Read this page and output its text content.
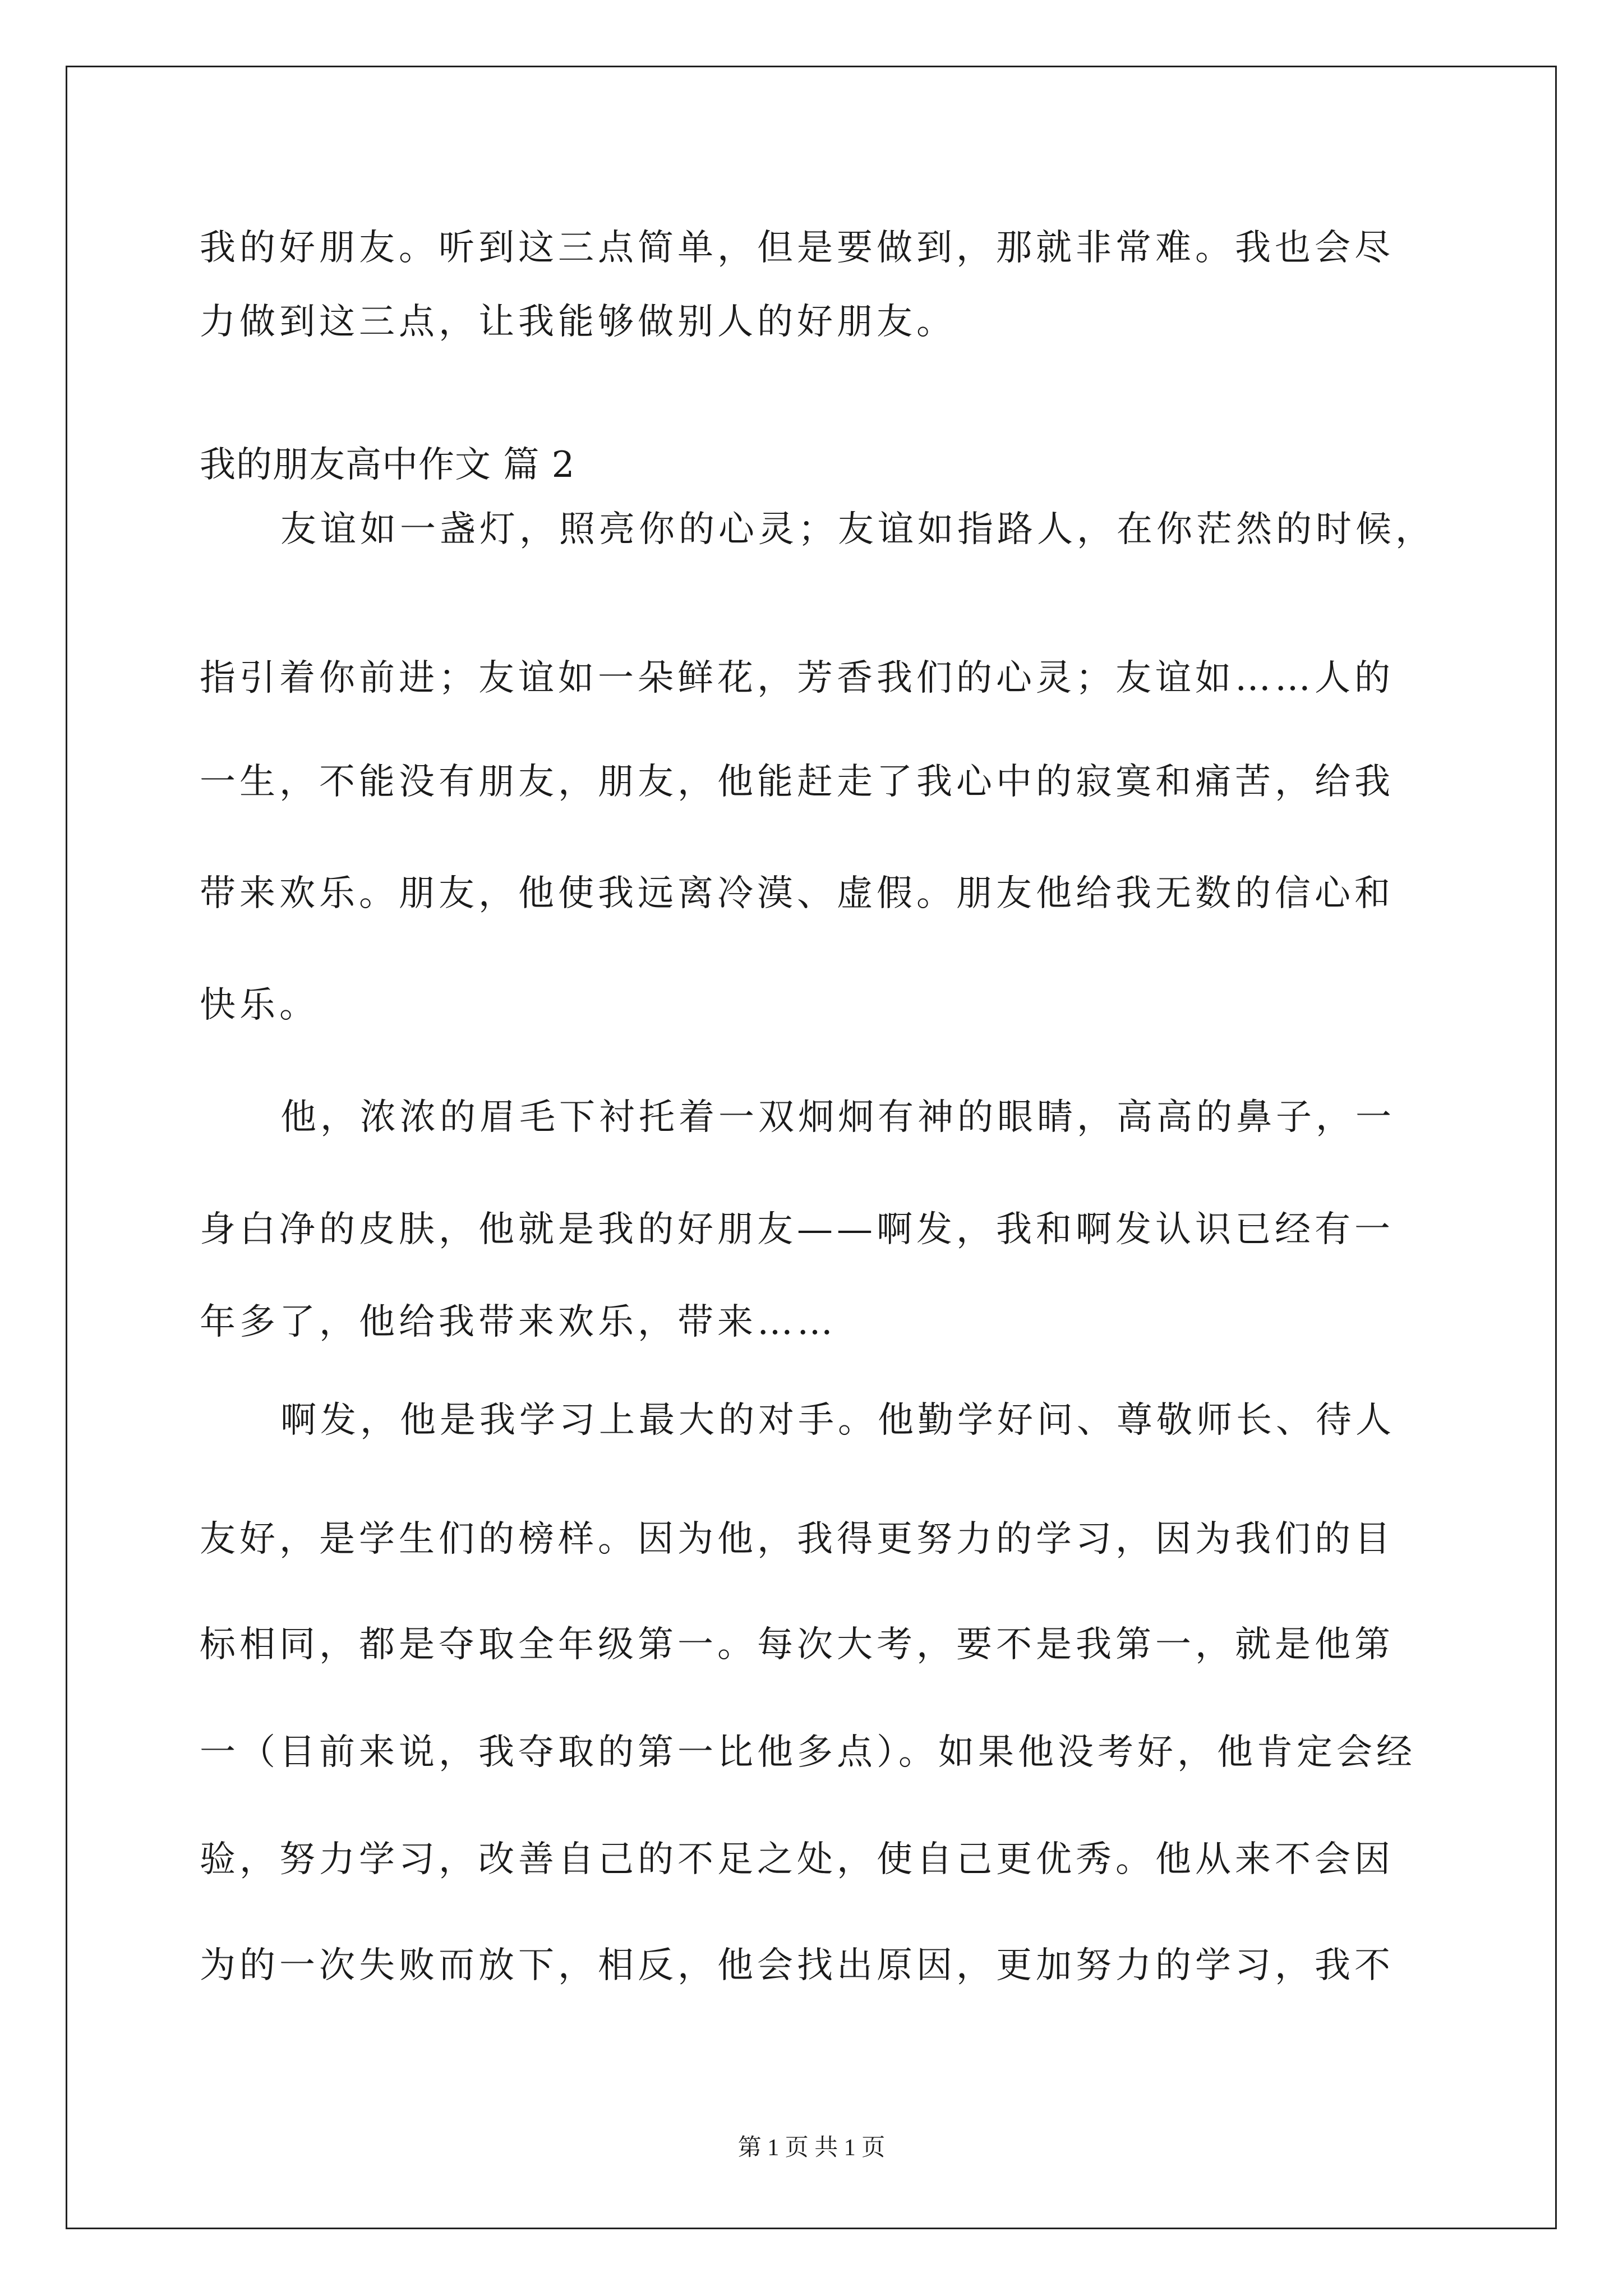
我的好朋友。听到这三点简单，但是要做到，那就非常难。我也会尽

力做到这三点，让我能够做别人的好朋友。

我的朋友高中作文 篇 2

友谊如一盏灯，照亮你的心灵；友谊如指路人，在你茫然的时候，

指引着你前进；友谊如一朵鲜花，芳香我们的心灵；友谊如……人的

一生，不能没有朋友，朋友，他能赶走了我心中的寂寞和痛苦，给我

带来欢乐。朋友，他使我远离冷漠、虚假。朋友他给我无数的信心和

快乐。

他，浓浓的眉毛下衬托着一双炯炯有神的眼睛，高高的鼻子，一

身白净的皮肤，他就是我的好朋友——啊发，我和啊发认识已经有一

年多了，他给我带来欢乐，带来……

啊发，他是我学习上最大的对手。他勤学好问、尊敬师长、待人

友好，是学生们的榜样。因为他，我得更努力的学习，因为我们的目

标相同，都是夺取全年级第一。每次大考，要不是我第一，就是他第

一（目前来说，我夺取的第一比他多点）。如果他没考好，他肯定会经

验，努力学习，改善自己的不足之处，使自己更优秀。他从来不会因

为的一次失败而放下，相反，他会找出原因，更加努力的学习，我不

第 1 页 共 1 页
